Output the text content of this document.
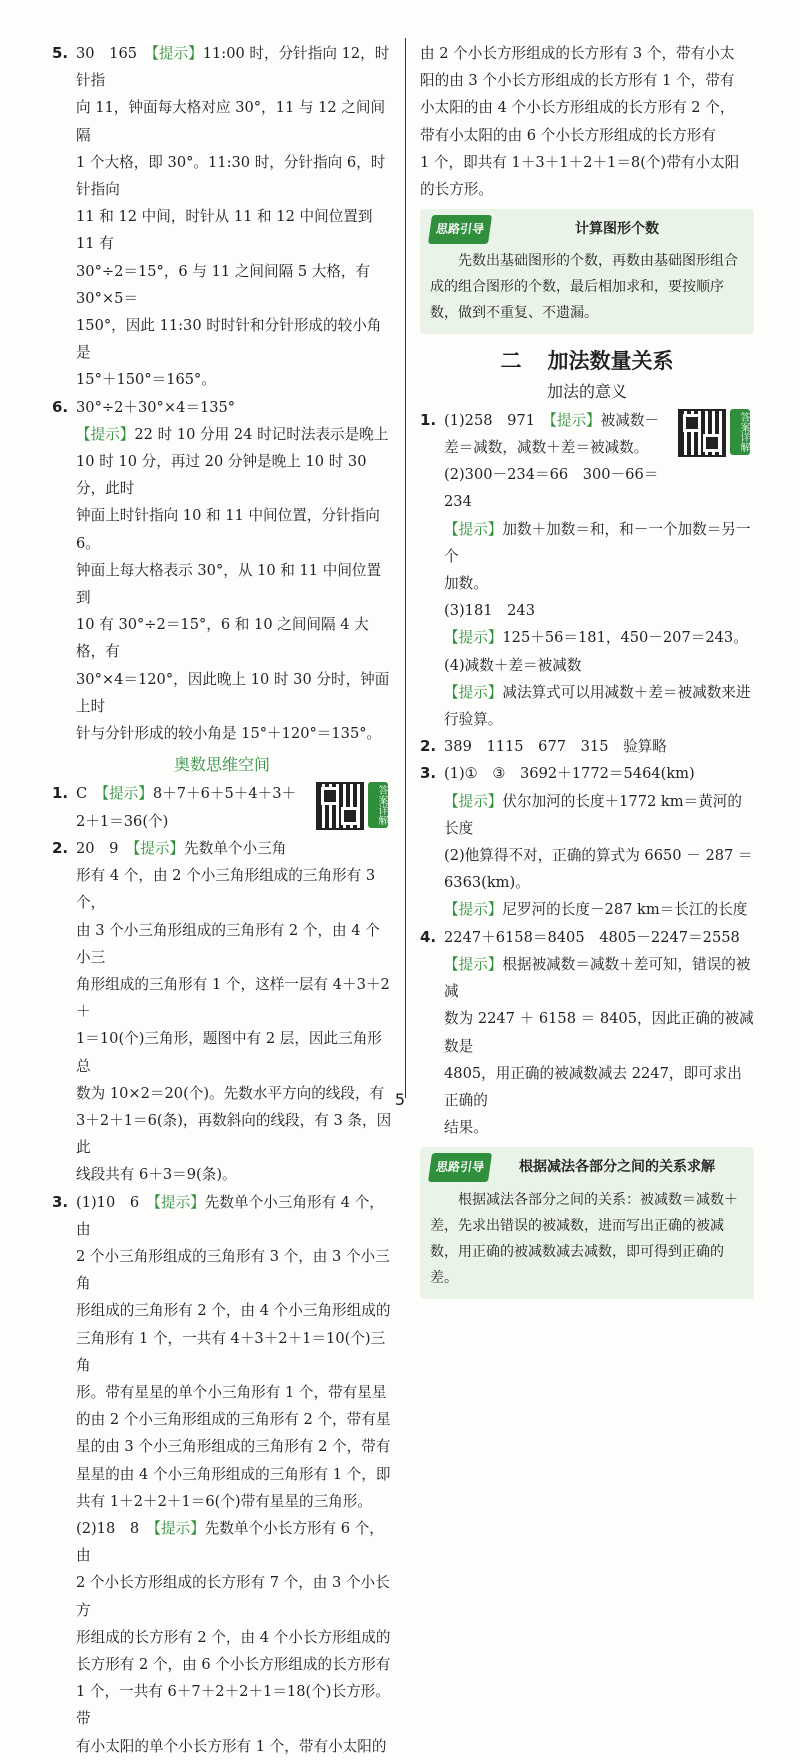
5. 30　165　【提示】11:00 时，分针指向 12，时针指
向 11，钟面每大格对应 30°，11 与 12 之间间隔
1 个大格，即 30°。11:30 时，分针指向 6，时针指向
11 和 12 中间，时针从 11 和 12 中间位置到 11 有
30°÷2＝15°，6 与 11 之间间隔 5 大格，有 30°×5＝
150°，因此 11:30 时时针和分针形成的较小角是
15°＋150°＝165°。
6. 30°÷2＋30°×4＝135°
【提示】22 时 10 分用 24 时记时法表示是晚上
10 时 10 分，再过 20 分钟是晚上 10 时 30 分，此时
钟面上时针指向 10 和 11 中间位置，分针指向 6。
钟面上每大格表示 30°，从 10 和 11 中间位置到
10 有 30°÷2＝15°，6 和 10 之间间隔 4 大格，有
30°×4＝120°，因此晚上 10 时 30 分时，钟面上时
针与分针形成的较小角是 15°＋120°＝135°。
奥数思维空间
答案详解
1. C　【提示】8＋7＋6＋5＋4＋3＋
2＋1＝36(个)
2. 20　9　【提示】先数单个小三角
形有 4 个，由 2 个小三角形组成的三角形有 3 个，
由 3 个小三角形组成的三角形有 2 个，由 4 个小三
角形组成的三角形有 1 个，这样一层有 4＋3＋2＋
1＝10(个)三角形，题图中有 2 层，因此三角形总
数为 10×2＝20(个)。先数水平方向的线段，有
3＋2＋1＝6(条)，再数斜向的线段，有 3 条，因此
线段共有 6＋3＝9(条)。
3. (1)10　6　【提示】先数单个小三角形有 4 个，由
2 个小三角形组成的三角形有 3 个，由 3 个小三角
形组成的三角形有 2 个，由 4 个小三角形组成的
三角形有 1 个，一共有 4＋3＋2＋1＝10(个)三角
形。带有星星的单个小三角形有 1 个，带有星星
的由 2 个小三角形组成的三角形有 2 个，带有星
星的由 3 个小三角形组成的三角形有 2 个，带有
星星的由 4 个小三角形组成的三角形有 1 个，即
共有 1＋2＋2＋1＝6(个)带有星星的三角形。
(2)18　8　【提示】先数单个小长方形有 6 个，由
2 个小长方形组成的长方形有 7 个，由 3 个小长方
形组成的长方形有 2 个，由 4 个小长方形组成的
长方形有 2 个，由 6 个小长方形组成的长方形有
1 个，一共有 6＋7＋2＋2＋1＝18(个)长方形。带
有小太阳的单个小长方形有 1 个，带有小太阳的
由 2 个小长方形组成的长方形有 3 个，带有小太
阳的由 3 个小长方形组成的长方形有 1 个，带有
小太阳的由 4 个小长方形组成的长方形有 2 个，
带有小太阳的由 6 个小长方形组成的长方形有
1 个，即共有 1＋3＋1＋2＋1＝8(个)带有小太阳
的长方形。
思路引导	计算图形个数

先数出基础图形的个数，再数由基础图形组合成的组合图形的个数，最后相加求和，要按顺序数，做到不重复、不遗漏。

二 加法数量关系
加法的意义
答案详解
1. (1)258　971　【提示】被减数－
差＝减数，减数＋差＝被减数。
(2)300－234＝66　300－66＝234
【提示】加数＋加数＝和，和－一个加数＝另一个
加数。
(3)181　243
【提示】125＋56＝181，450－207＝243。
(4)减数＋差＝被减数
【提示】减法算式可以用减数＋差＝被减数来进
行验算。
2. 389　1115　677　315　验算略
3. (1)①　③　3692＋1772＝5464(km)
【提示】伏尔加河的长度＋1772 km＝黄河的长度
(2)他算得不对，正确的算式为 6650 － 287 ＝
6363(km)。
【提示】尼罗河的长度－287 km＝长江的长度
4. 2247＋6158＝8405　4805－2247＝2558
【提示】根据被减数＝减数＋差可知，错误的被减
数为 2247 ＋ 6158 ＝ 8405，因此正确的被减数是
4805，用正确的被减数减去 2247，即可求出正确的
结果。
思路引导	根据减法各部分之间的关系求解

根据减法各部分之间的关系：被减数＝减数＋差，先求出错误的被减数，进而写出正确的被减数，用正确的被减数减去减数，即可得到正确的差。

5
